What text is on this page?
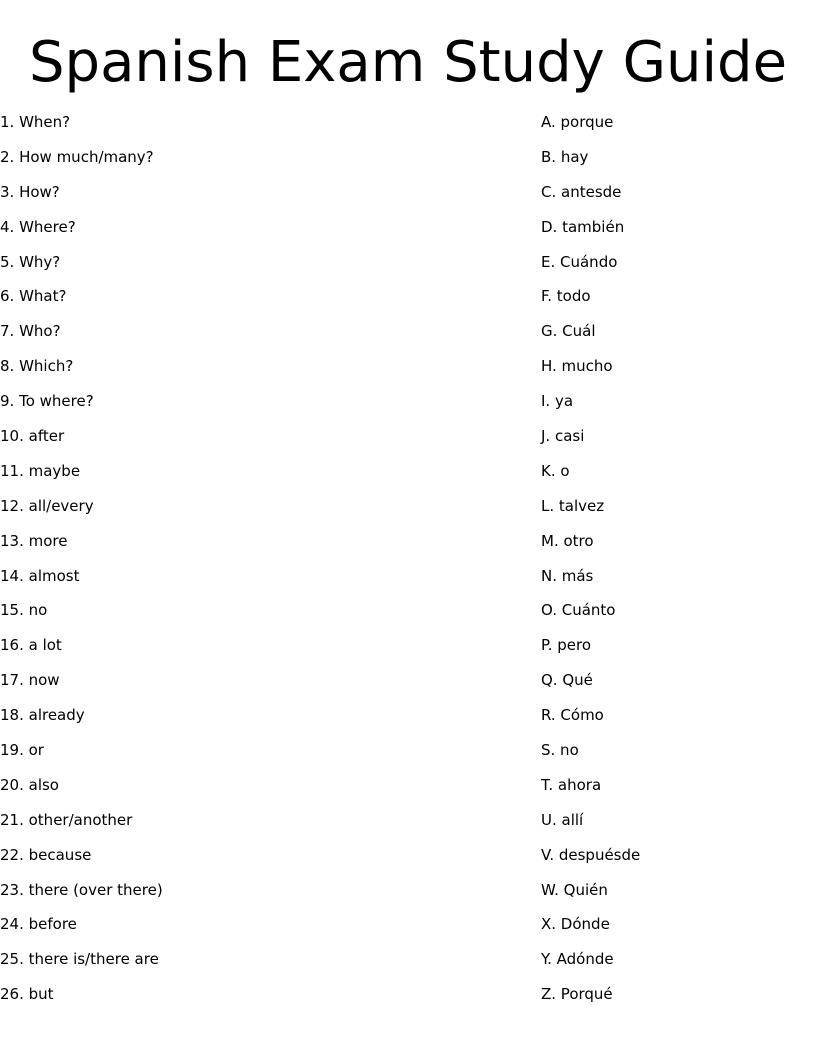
Spanish Exam Study Guide
1. When?
2. How much/many?
3. How?
4. Where?
5. Why?
6. What?
7. Who?
8. Which?
9. To where?
10. after
11. maybe
12. all/every
13. more
14. almost
15. no
16. a lot
17. now
18. already
19. or
20. also
21. other/another
22. because
23. there (over there)
24. before
25. there is/there are
26. but
A. porque
B. hay
C. antesde
D. también
E. Cuándo
F. todo
G. Cuál
H. mucho
I. ya
J. casi
K. o
L. talvez
M. otro
N. más
O. Cuánto
P. pero
Q. Qué
R. Cómo
S. no
T. ahora
U. allí
V. despuésde
W. Quién
X. Dónde
Y. Adónde
Z. Porqué
